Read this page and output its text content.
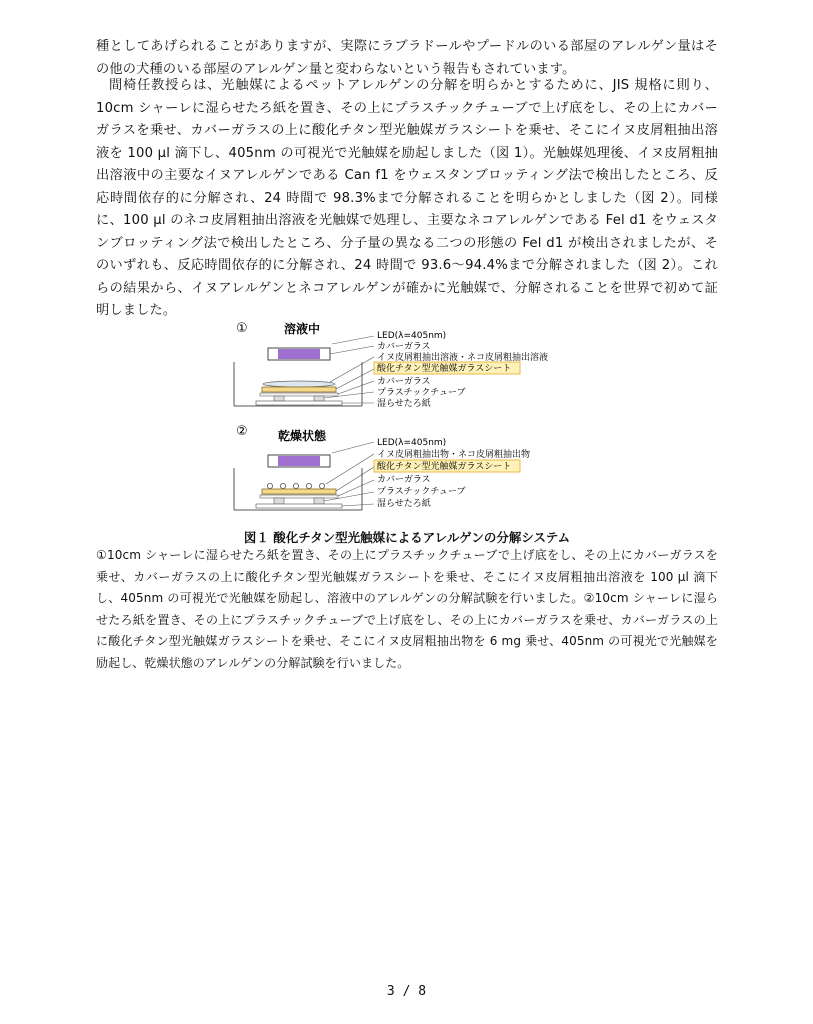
種としてあげられることがありますが、実際にラブラドールやプードルのいる部屋のアレルゲン量はその他の犬種のいる部屋のアレルゲン量と変わらないという報告もされています。

間椅任教授らは、光触媒によるペットアレルゲンの分解を明らかとするために、JIS 規格に則り、10cm シャーレに湿らせたろ紙を置き、その上にプラスチックチューブで上げ底をし、その上にカバーガラスを乗せ、カバーガラスの上に酸化チタン型光触媒ガラスシートを乗せ、そこにイヌ皮屑粗抽出溶液を 100 µl 滴下し、405nm の可視光で光触媒を励起しました（図 1）。光触媒処理後、イヌ皮屑粗抽出溶液中の主要なイヌアレルゲンである Can f1 をウェスタンブロッティング法で検出したところ、反応時間依存的に分解され、24 時間で 98.3%まで分解されることを明らかとしました（図 2）。同様に、100 µl のネコ皮屑粗抽出溶液を光触媒で処理し、主要なネコアレルゲンである Fel d1 をウェスタンブロッティング法で検出したところ、分子量の異なる二つの形態の Fel d1 が検出されましたが、そのいずれも、反応時間依存的に分解され、24 時間で 93.6〜94.4%まで分解されました（図 2）。これらの結果から、イヌアレルゲンとネコアレルゲンが確かに光触媒で、分解されることを世界で初めて証明しました。

①	溶液中	LED(λ=405nm)
カバーガラス
イヌ皮屑粗抽出溶液・ネコ皮屑粗抽出溶液
酸化チタン型光触媒ガラスシート
カバーガラス
プラスチックチューブ
湿らせたろ紙
②	乾燥状態	LED(λ=405nm)
イヌ皮屑粗抽出物・ネコ皮屑粗抽出物
酸化チタン型光触媒ガラスシート
カバーガラス
プラスチックチューブ
湿らせたろ紙
図１ 酸化チタン型光触媒によるアレルゲンの分解システム

①10cm シャーレに湿らせたろ紙を置き、その上にプラスチックチューブで上げ底をし、その上にカバーガラスを乗せ、カバーガラスの上に酸化チタン型光触媒ガラスシートを乗せ、そこにイヌ皮屑粗抽出溶液を 100 µl 滴下し、405nm の可視光で光触媒を励起し、溶液中のアレルゲンの分解試験を行いました。②10cm シャーレに湿らせたろ紙を置き、その上にプラスチックチューブで上げ底をし、その上にカバーガラスを乗せ、カバーガラスの上に酸化チタン型光触媒ガラスシートを乗せ、そこにイヌ皮屑粗抽出物を 6 mg 乗せ、405nm の可視光で光触媒を励起し、乾燥状態のアレルゲンの分解試験を行いました。

3 / 8
